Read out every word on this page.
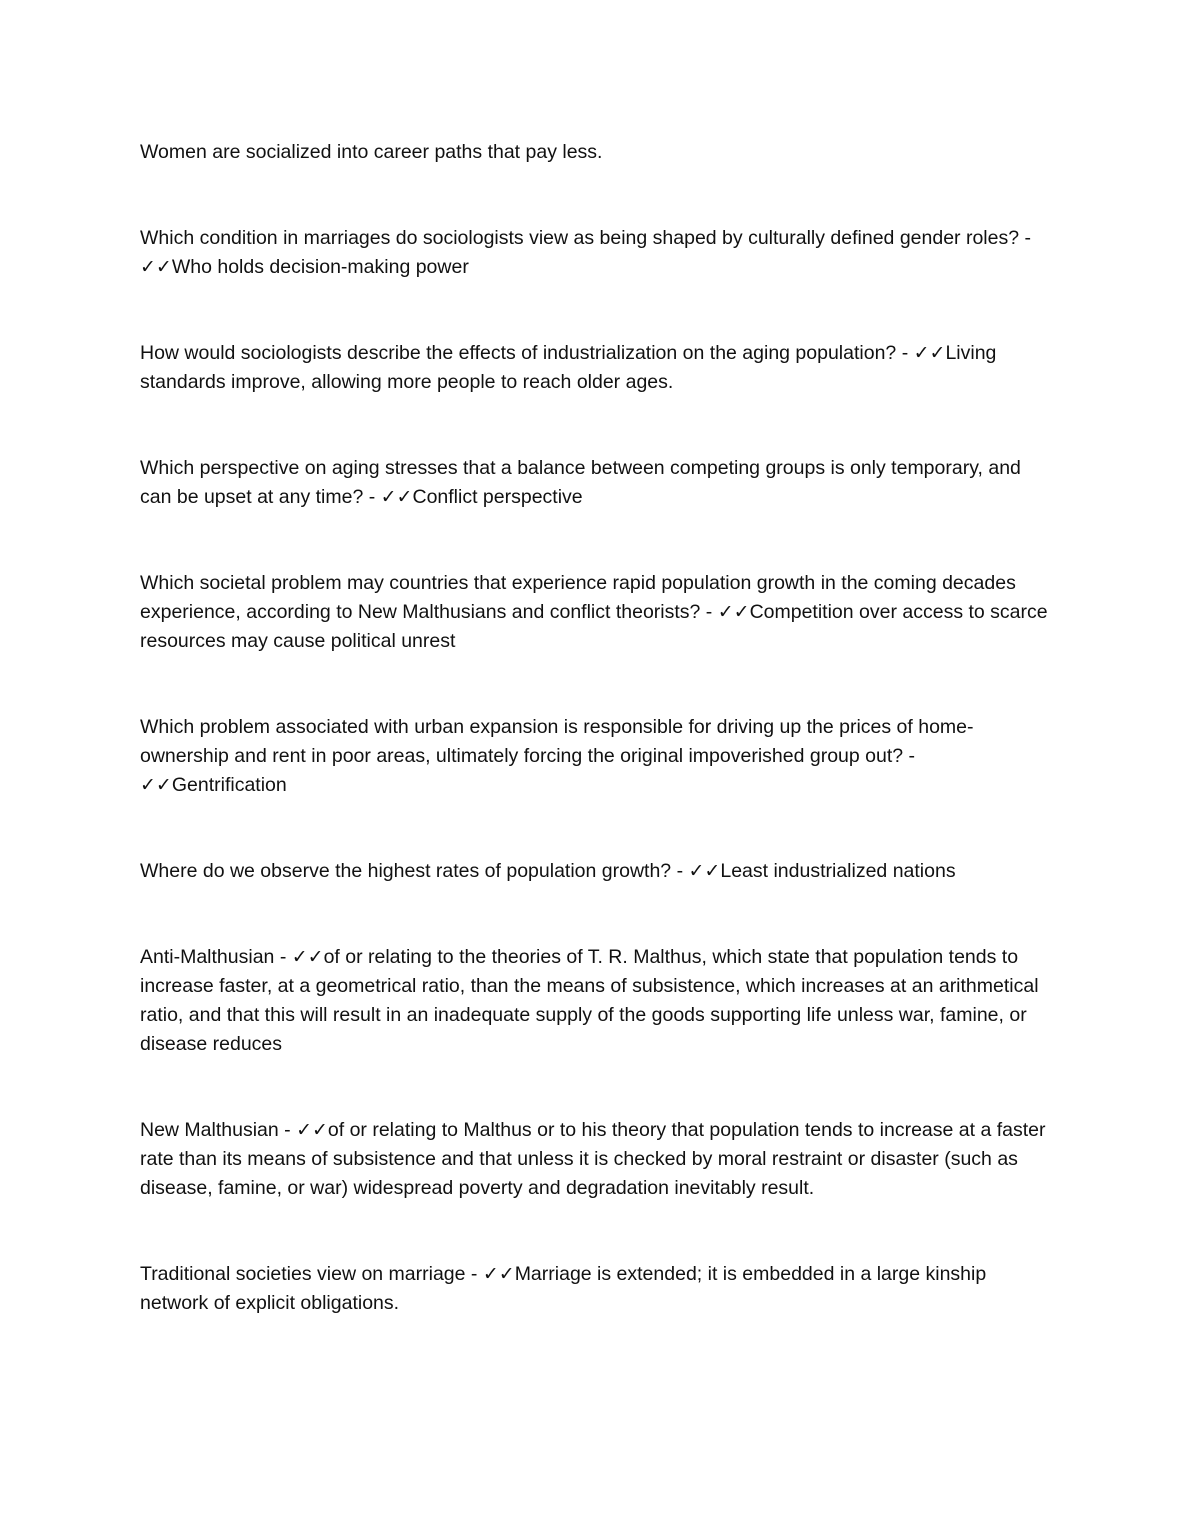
Women are socialized into career paths that pay less.

Which condition in marriages do sociologists view as being shaped by culturally defined gender roles? - ✓✓Who holds decision-making power

How would sociologists describe the effects of industrialization on the aging population? - ✓✓Living standards improve, allowing more people to reach older ages.

Which perspective on aging stresses that a balance between competing groups is only temporary, and can be upset at any time? - ✓✓Conflict perspective

Which societal problem may countries that experience rapid population growth in the coming decades experience, according to New Malthusians and conflict theorists? - ✓✓Competition over access to scarce resources may cause political unrest

Which problem associated with urban expansion is responsible for driving up the prices of home-ownership and rent in poor areas, ultimately forcing the original impoverished group out? - ✓✓Gentrification

Where do we observe the highest rates of population growth? - ✓✓Least industrialized nations

Anti-Malthusian - ✓✓of or relating to the theories of T. R. Malthus, which state that population tends to increase faster, at a geometrical ratio, than the means of subsistence, which increases at an arithmetical ratio, and that this will result in an inadequate supply of the goods supporting life unless war, famine, or disease reduces

New Malthusian - ✓✓of or relating to Malthus or to his theory that population tends to increase at a faster rate than its means of subsistence and that unless it is checked by moral restraint or disaster (such as disease, famine, or war) widespread poverty and degradation inevitably result.

Traditional societies view on marriage - ✓✓Marriage is extended; it is embedded in a large kinship network of explicit obligations.
